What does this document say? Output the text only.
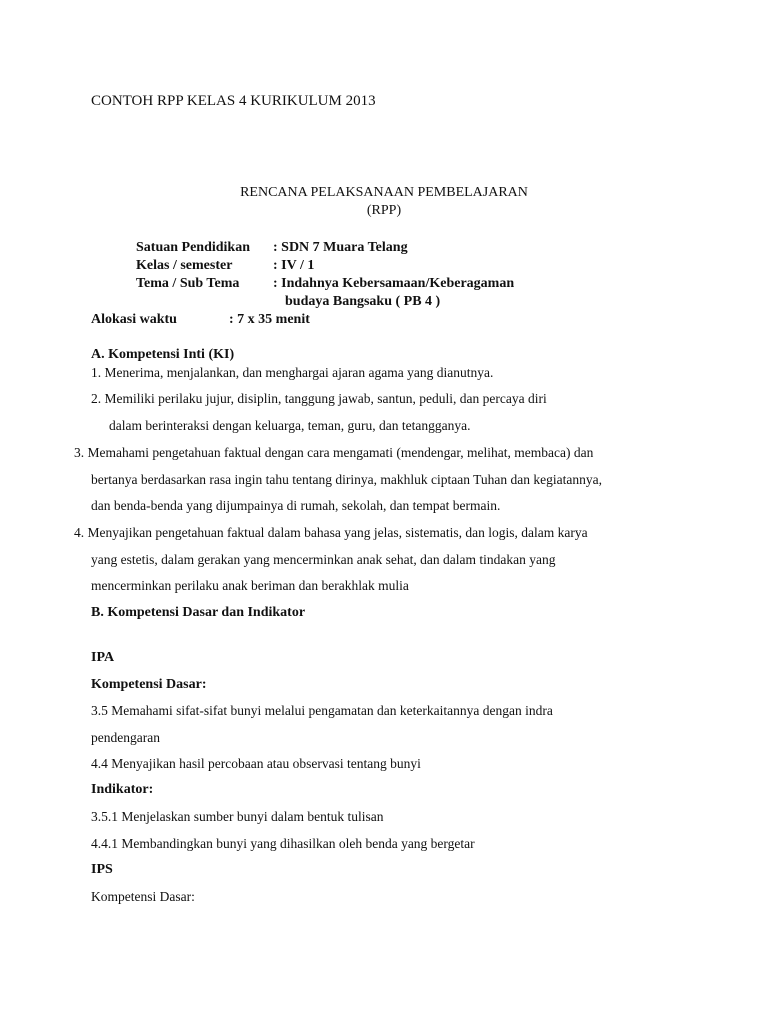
CONTOH RPP KELAS 4 KURIKULUM 2013
RENCANA PELAKSANAAN PEMBELAJARAN
(RPP)
Satuan Pendidikan : SDN 7 Muara Telang
Kelas / semester	: IV / 1
Tema / Sub Tema : Indahnya Kebersamaan/Keberagaman
budaya Bangsaku ( PB 4 )
Alokasi waktu	: 7 x 35 menit
A. Kompetensi Inti (KI)
1. Menerima, menjalankan, dan menghargai ajaran agama yang dianutnya.
2. Memiliki perilaku jujur, disiplin, tanggung jawab, santun, peduli, dan percaya diri
dalam berinteraksi dengan keluarga, teman, guru, dan tetangganya.
3. Memahami pengetahuan faktual dengan cara mengamati (mendengar, melihat, membaca) dan
bertanya berdasarkan rasa ingin tahu tentang dirinya, makhluk ciptaan Tuhan dan kegiatannya,
dan benda-benda yang dijumpainya di rumah, sekolah, dan tempat bermain.
4. Menyajikan pengetahuan faktual dalam bahasa yang jelas, sistematis, dan logis, dalam karya
yang estetis, dalam gerakan yang mencerminkan anak sehat, dan dalam tindakan yang
mencerminkan perilaku anak beriman dan berakhlak mulia
B. Kompetensi Dasar dan Indikator
IPA
Kompetensi Dasar:
3.5 Memahami sifat-sifat bunyi melalui pengamatan dan keterkaitannya dengan indra
pendengaran
4.4 Menyajikan hasil percobaan atau observasi tentang bunyi
Indikator:
3.5.1 Menjelaskan sumber bunyi dalam bentuk tulisan
4.4.1 Membandingkan bunyi yang dihasilkan oleh benda yang bergetar
IPS
Kompetensi Dasar:
